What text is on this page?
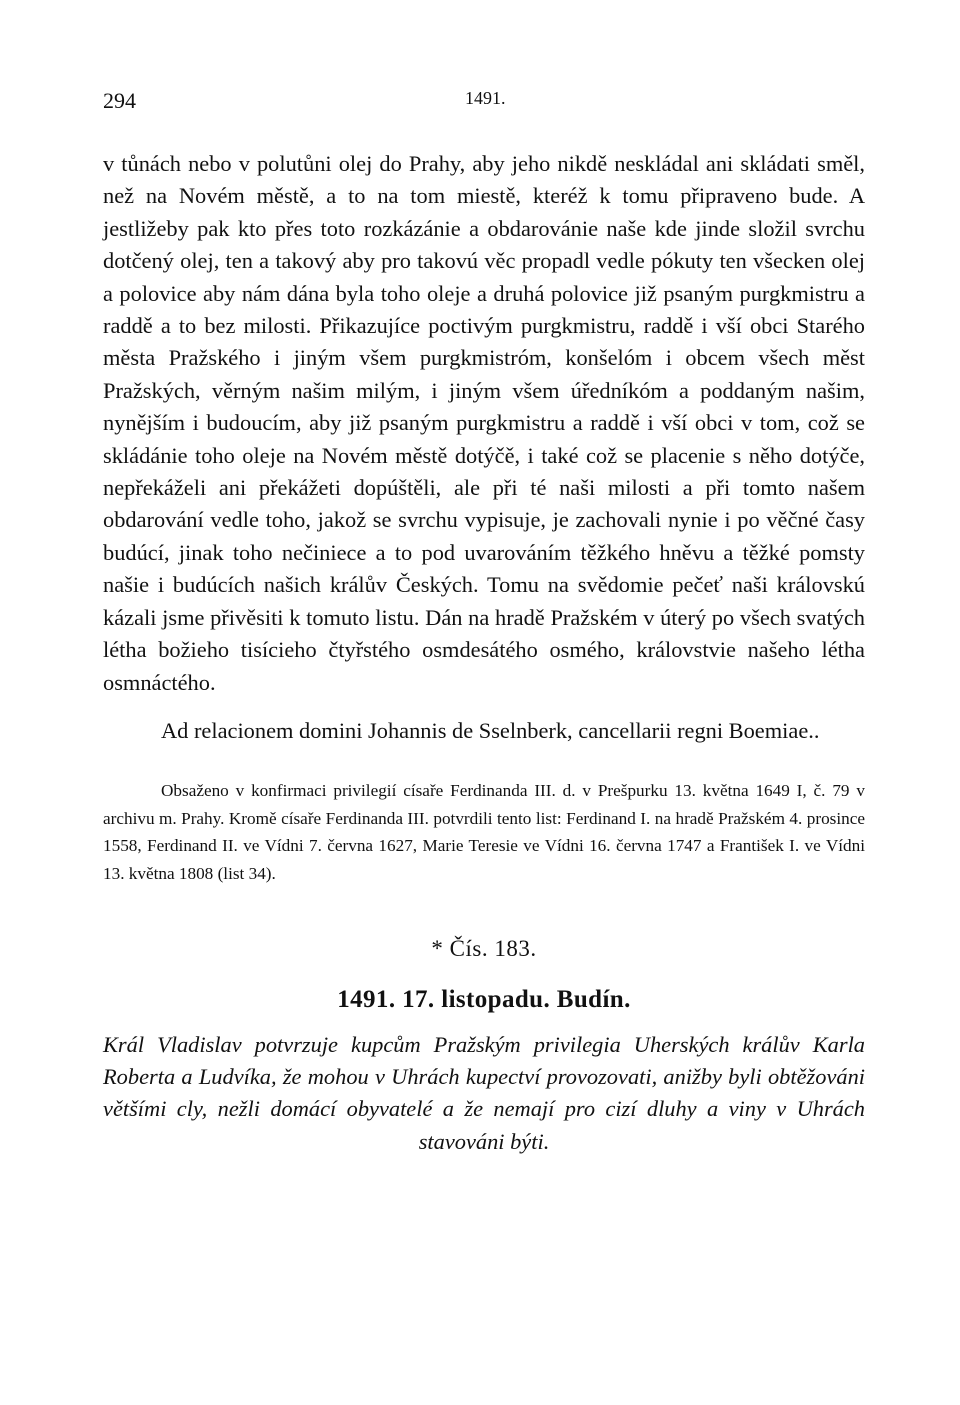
294	1491.

v tůnách nebo v polutůni olej do Prahy, aby jeho nikdě neskládal ani skládati směl, než na Novém městě, a to na tom miestě, kteréž k tomu připraveno bude. A jestližeby pak kto přes toto rozkázánie a obdarovánie naše kde jinde složil svrchu dotčený olej, ten a takový aby pro takovú věc propadl vedle pókuty ten všecken olej a polovice aby nám dána byla toho oleje a druhá polovice již psaným purgkmistru a raddě a to bez milosti. Přikazujíce poctivým purgkmistru, raddě i vší obci Starého města Pražského i jiným všem purgkmistróm, konšelóm i obcem všech měst Pražských, věrným našim milým, i jiným všem úředníkóm a poddaným našim, nynějším i budoucím, aby již psaným purgkmistru a raddě i vší obci v tom, což se skládánie toho oleje na Novém městě dotýčě, i také což se placenie s něho dotýče, nepřekáželi ani překážeti dopúštěli, ale při té naši milosti a při tomto našem obdarování vedle toho, jakož se svrchu vypisuje, je zachovali nynie i po věčné časy budúcí, jinak toho nečiniece a to pod uvarováním těžkého hněvu a těžké pomsty našie i budúcích našich králův Českých. Tomu na svědomie pečeť naši královskú kázali jsme přivěsiti k tomuto listu. Dán na hradě Pražském v úterý po všech svatých létha božieho tisícieho čtyřstého osmdesátého osmého, královstvie našeho létha osmnáctého.

Ad relacionem domini Johannis de Sselnberk, cancellarii regni Boemiae..

Obsaženo v konfirmaci privilegií císaře Ferdinanda III. d. v Prešpurku 13. května 1649 I, č. 79 v archivu m. Prahy. Kromě císaře Ferdinanda III. potvrdili tento list: Ferdinand I. na hradě Pražském 4. prosince 1558, Ferdinand II. ve Vídni 7. června 1627, Marie Teresie ve Vídni 16. června 1747 a František I. ve Vídni 13. května 1808 (list 34).

* Čís. 183.
1491. 17. listopadu. Budín.

Král Vladislav potvrzuje kupcům Pražským privilegia Uherských králův Karla Roberta a Ludvíka, že mohou v Uhrách kupectví provozovati, anižby byli obtěžováni většími cly, nežli domácí obyvatelé a že nemají pro cizí dluhy a viny v Uhrách stavováni býti.
